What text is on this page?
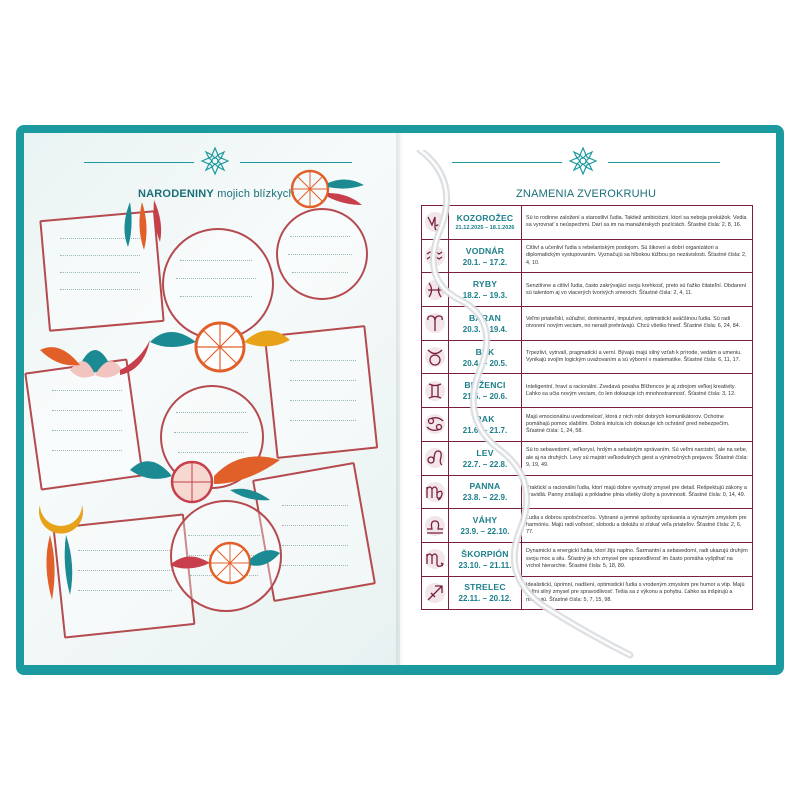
NARODENINY mojich blízkych	ZNAMENIA ZVEROKRUHU

KOZOROŽEC
21.12.2025 – 18.1.2026	Sú to rodinne založení a starostliví ľudia. Taktiež ambiciózni, ktorí sa neboja prekážok. Vedia sa vyrovnať s neúspechmi. Darí sa im na manažérskych pozíciách. Šťastné čísla: 2, 8, 16.

VODNÁR
20.1. – 17.2.	Citliví a učenliví ľudia s rebelantským postojom. Sú šikovní a dobrí organizátori a diplomatickým vystupovaním. Vyznačujú sa hlbokou túžbou po nezávislosti. Šťastné čísla: 2, 4, 10.

RYBY
18.2. – 19.3.	Senzitívne a citliví ľudia, často zakrývajúci svoju krehkosť, preto sú ťažko čitateľní. Obdarení sú talentom aj vo viacerých tvorivých smeroch. Šťastné čísla: 2, 4, 11.

BARAN
20.3. – 19.4.	Veľmi priateľskí, súťaživí, dominantní, impulzívni, optimistickí aväčšinou ľudia. Sú radi otvorení novým veciam, no neradi prehrávajú. Chcú všetko hneď. Šťastné čísla: 6, 24, 84.

BÝK
20.4. – 20.5.	Trpezliví, vytrvalí, pragmatickí a verní. Bývajú majú silný vzťah k prírode, vedám a umeniu. Vynikajú svojím logickým uvažovaním a sú výborní v matematike. Šťastné čísla: 6, 11, 17.

BLÍŽENCI
21.5. – 20.6.	Inteligentní, hraví a racionálni. Zvedavá povaha Blížencov je aj zdrojom veľkej kreativity. Ľahko sa učia novým veciam, čo len dokazuje ich mnohostrannosť. Šťastné čísla: 3, 12.

RAK
21.6. – 21.7.	Majú emocionálnu uvedomelosť, ktorá z nich robí dobrých komunikátorov. Ochotne pomáhajú pomoc slabším. Dobrá intuícia ich dokazuje ich ochrániť pred nebezpečím. Šťastné čísla: 1, 24, 58.

LEV
22.7. – 22.8.	Sú to sebavedomí, veľkorysí, hrdým a sebaistým správaním. Sú veľmi narcistní, ale na sebe, ale aj na druhých. Levy sú majstri veľkodušných giest a výnimočných prejavov. Šťastné čísla: 9, 19, 49.

PANNA
23.8. – 22.9.	Praktickí a racionálni ľudia, ktorí majú dobre vyvinutý zmysel pre detail. Rešpektujú zákony a pravidlá. Panny znášajú a prikladne plnia všetky úlohy a povinnosti. Šťastné čísla: 0, 14, 49.

VÁHY
23.9. – 22.10.	Ľudia s dobrou spoločnosťou. Vybrané a jemné spôsoby správania a výrazným zmyslom pre harmóniu. Majú radi voľnosť, slobodu a dokážu si získať veľa priateľov. Šťastné čísla: 2, 6, 77.

ŠKORPIÓN
23.10. – 21.11.	Dynamickí a energickí ľudia, ktorí žijú naplno. Šarmantní a sebavedomí, radi ukazujú druhým svoju moc a silu. Šťastný je ich zmysel pre spravodlivosť im často pomáha vyšplhať na vrchol hierarchie. Šťastné čísla: 5, 18, 89.

STRELEC
22.11. – 20.12.	Idealistickí, úprimní, nadšení, optimistickí ľudia s vrodeným zmyslom pre humor a vtip. Majú veľmi silný zmysel pre spravodlivosť. Tešia sa z výkonu a pohybu. Ľahko sa inšpirujú a motivujú. Šťastné čísla: 5, 7, 15, 98.
